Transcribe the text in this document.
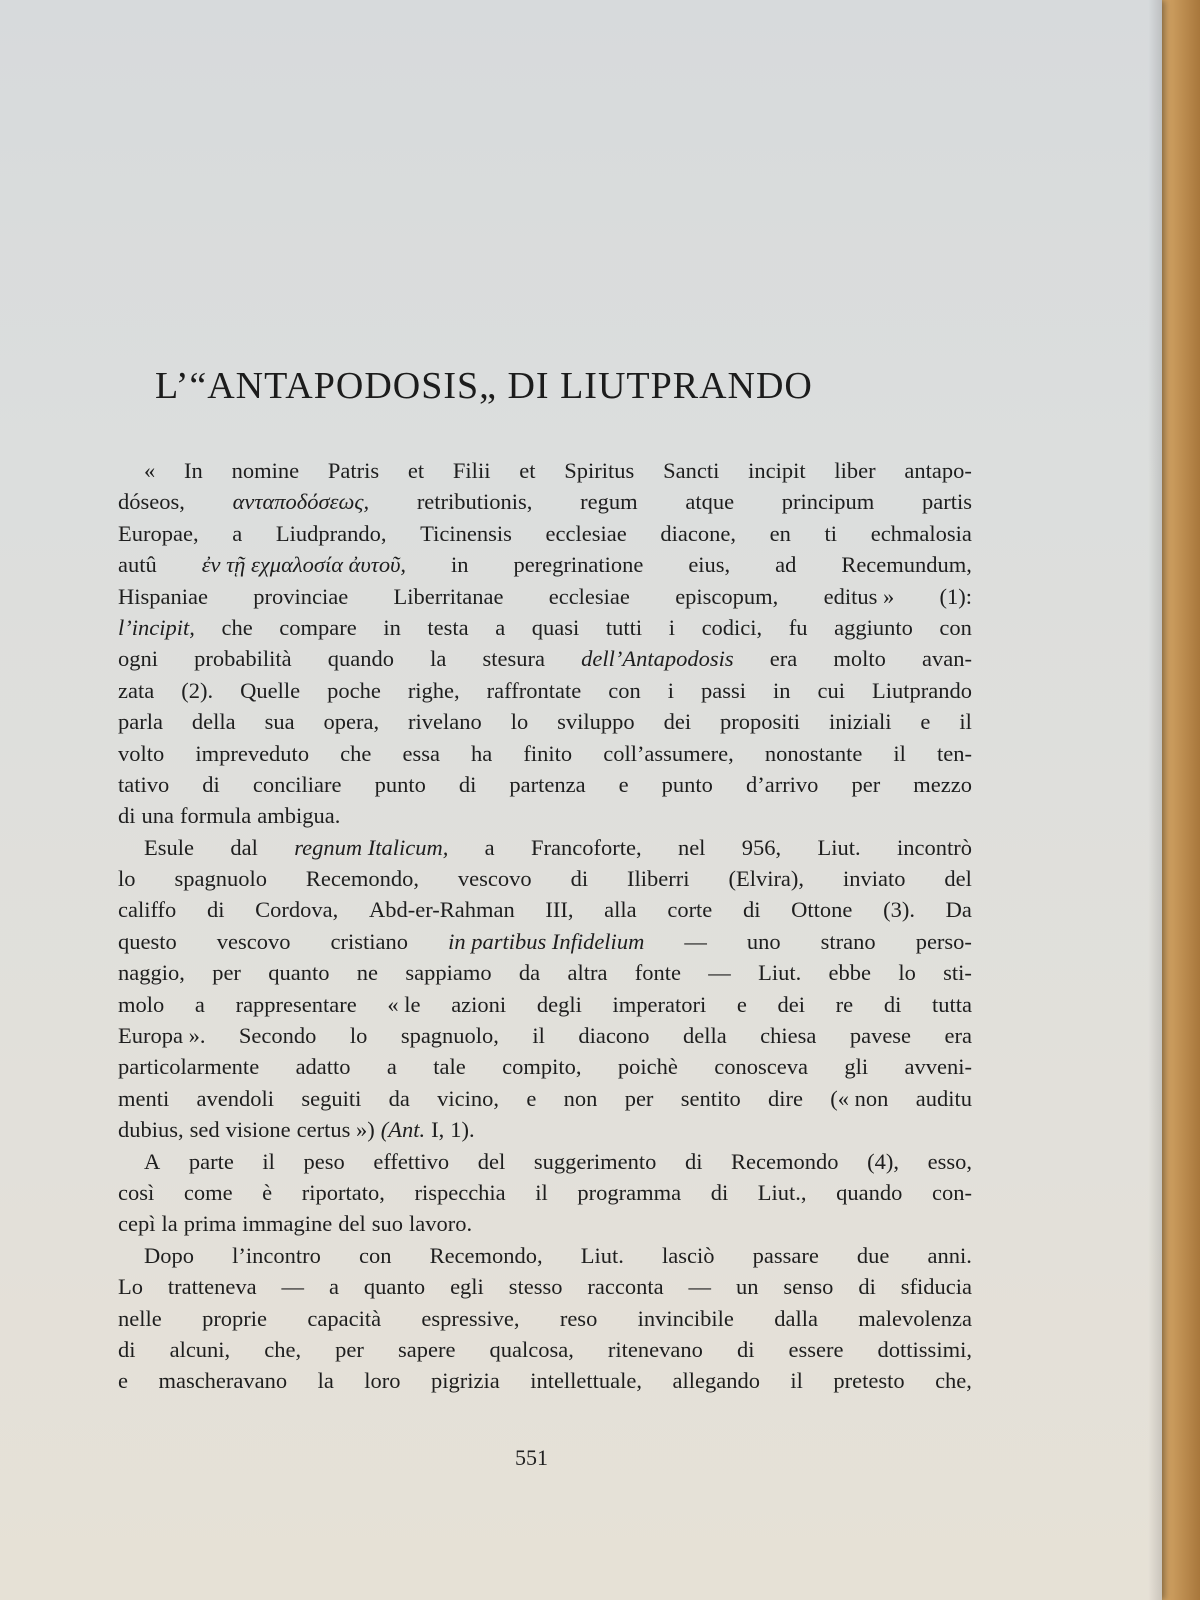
L’“ANTAPODOSIS„ DI LIUTPRANDO
« In nomine Patris et Filii et Spiritus Sancti incipit liber antapo-
dóseos, ανταποδόσεως, retributionis, regum atque principum partis
Europae, a Liudprando, Ticinensis ecclesiae diacone, en ti echmalosia
autû ἐν τῇ εχμαλοσία ἀυτοῦ, in peregrinatione eius, ad Recemundum,
Hispaniae provinciae Liberritanae ecclesiae episcopum, editus » (1):
l’incipit, che compare in testa a quasi tutti i codici, fu aggiunto con
ogni probabilità quando la stesura dell’Antapodosis era molto avan-
zata (2). Quelle poche righe, raffrontate con i passi in cui Liutprando
parla della sua opera, rivelano lo sviluppo dei propositi iniziali e il
volto impreveduto che essa ha finito coll’assumere, nonostante il ten-
tativo di conciliare punto di partenza e punto d’arrivo per mezzo
di una formula ambigua.
Esule dal regnum Italicum, a Francoforte, nel 956, Liut. incontrò
lo spagnuolo Recemondo, vescovo di Iliberri (Elvira), inviato del
califfo di Cordova, Abd-er-Rahman III, alla corte di Ottone (3). Da
questo vescovo cristiano in partibus Infidelium — uno strano perso-
naggio, per quanto ne sappiamo da altra fonte — Liut. ebbe lo sti-
molo a rappresentare « le azioni degli imperatori e dei re di tutta
Europa ». Secondo lo spagnuolo, il diacono della chiesa pavese era
particolarmente adatto a tale compito, poichè conosceva gli avveni-
menti avendoli seguiti da vicino, e non per sentito dire (« non auditu
dubius, sed visione certus ») (Ant. I, 1).
A parte il peso effettivo del suggerimento di Recemondo (4), esso,
così come è riportato, rispecchia il programma di Liut., quando con-
cepì la prima immagine del suo lavoro.
Dopo l’incontro con Recemondo, Liut. lasciò passare due anni.
Lo tratteneva — a quanto egli stesso racconta — un senso di sfiducia
nelle proprie capacità espressive, reso invincibile dalla malevolenza
di alcuni, che, per sapere qualcosa, ritenevano di essere dottissimi,
e mascheravano la loro pigrizia intellettuale, allegando il pretesto che,
551
